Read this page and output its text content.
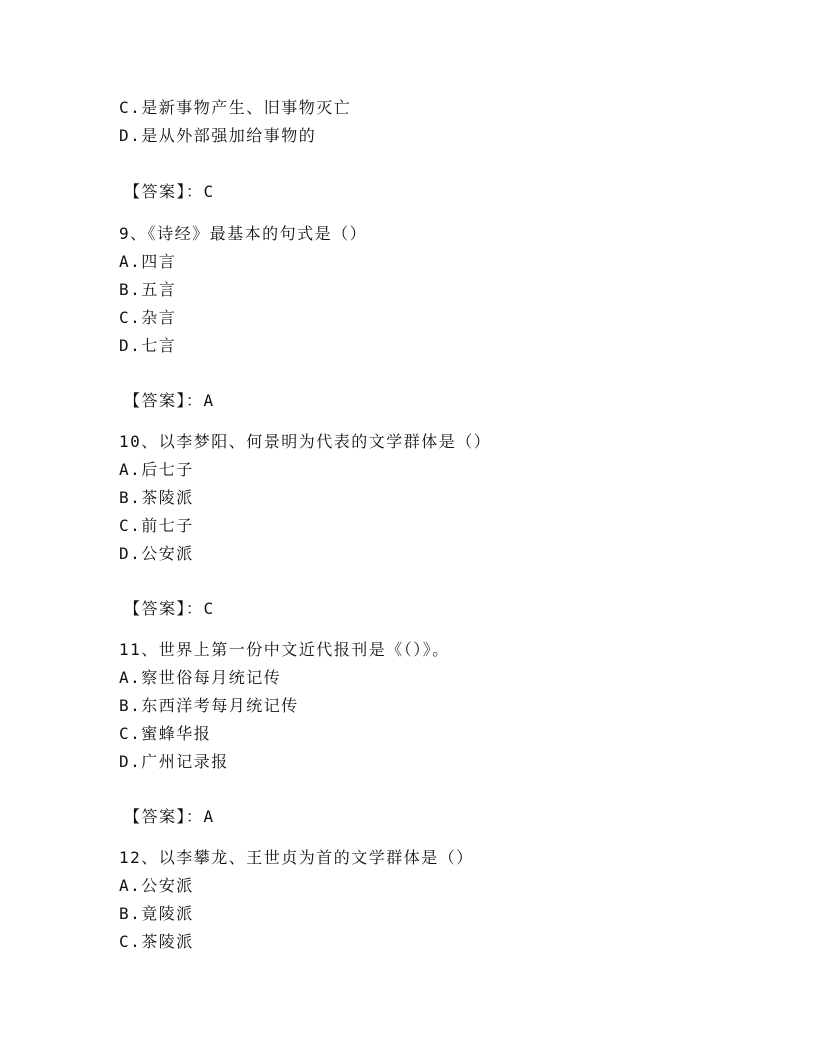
C.是新事物产生、旧事物灭亡
D.是从外部强加给事物的
【答案】：C
9、《诗经》最基本的句式是（）
A.四言
B.五言
C.杂言
D.七言
【答案】：A
10、以李梦阳、何景明为代表的文学群体是（）
A.后七子
B.茶陵派
C.前七子
D.公安派
【答案】：C
11、世界上第一份中文近代报刊是《（）》。
A.察世俗每月统记传
B.东西洋考每月统记传
C.蜜蜂华报
D.广州记录报
【答案】：A
12、以李攀龙、王世贞为首的文学群体是（）
A.公安派
B.竟陵派
C.茶陵派
